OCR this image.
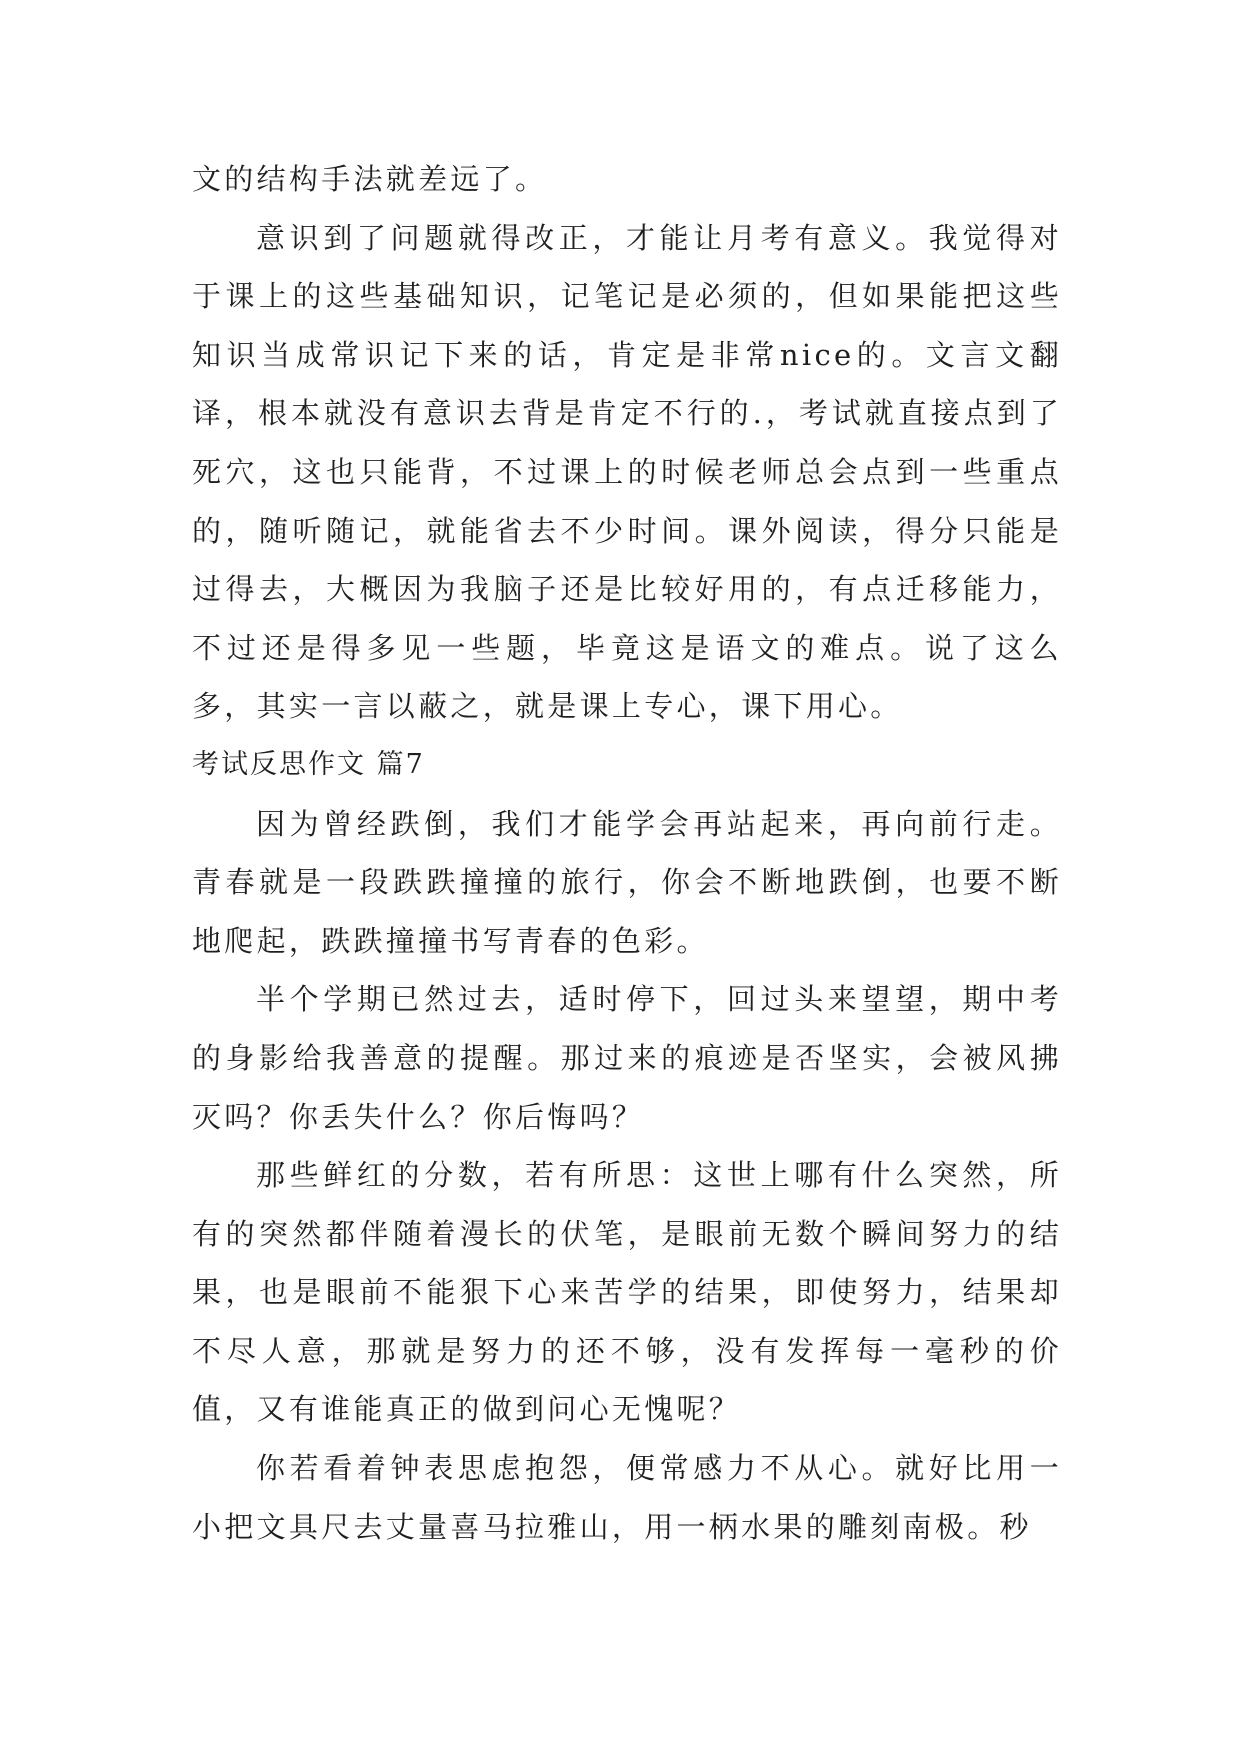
文的结构手法就差远了。

意识到了问题就得改正，才能让月考有意义。我觉得对于课上的这些基础知识，记笔记是必须的，但如果能把这些知识当成常识记下来的话，肯定是非常nice的。文言文翻译，根本就没有意识去背是肯定不行的.，考试就直接点到了死穴，这也只能背，不过课上的时候老师总会点到一些重点的，随听随记，就能省去不少时间。课外阅读，得分只能是过得去，大概因为我脑子还是比较好用的，有点迁移能力，不过还是得多见一些题，毕竟这是语文的难点。说了这么多，其实一言以蔽之，就是课上专心，课下用心。

考试反思作文 篇7

因为曾经跌倒，我们才能学会再站起来，再向前行走。青春就是一段跌跌撞撞的旅行，你会不断地跌倒，也要不断地爬起，跌跌撞撞书写青春的色彩。

半个学期已然过去，适时停下，回过头来望望，期中考的身影给我善意的提醒。那过来的痕迹是否坚实，会被风拂灭吗？你丢失什么？你后悔吗？

那些鲜红的分数，若有所思：这世上哪有什么突然，所有的突然都伴随着漫长的伏笔，是眼前无数个瞬间努力的结果，也是眼前不能狠下心来苦学的结果，即使努力，结果却不尽人意，那就是努力的还不够，没有发挥每一毫秒的价值，又有谁能真正的做到问心无愧呢？

你若看着钟表思虑抱怨，便常感力不从心。就好比用一小把文具尺去丈量喜马拉雅山，用一柄水果的雕刻南极。秒
